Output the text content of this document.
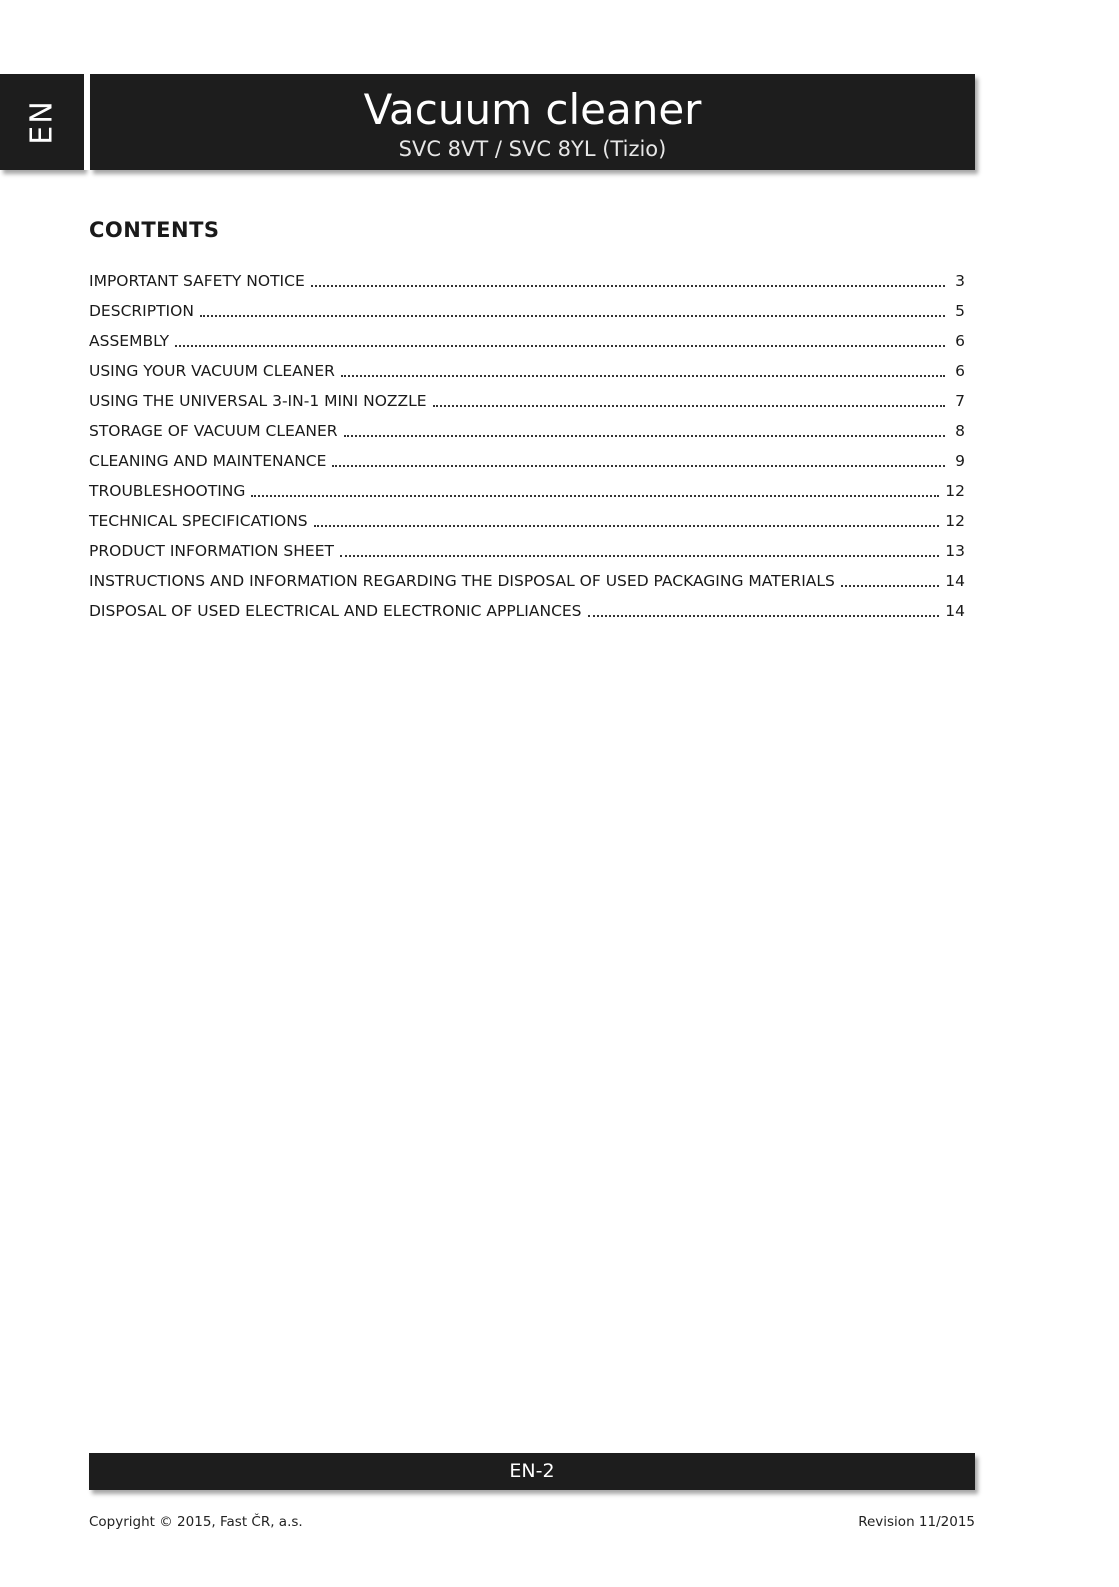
EN	Vacuum cleaner
SVC 8VT / SVC 8YL (Tizio)
CONTENTS
IMPORTANT SAFETY NOTICE	3
DESCRIPTION	5
ASSEMBLY	6
USING YOUR VACUUM CLEANER	6
USING THE UNIVERSAL 3-IN-1 MINI NOZZLE	7
STORAGE OF VACUUM CLEANER	8
CLEANING AND MAINTENANCE	9
TROUBLESHOOTING	12
TECHNICAL SPECIFICATIONS	12
PRODUCT INFORMATION SHEET	13
INSTRUCTIONS AND INFORMATION REGARDING THE DISPOSAL OF USED PACKAGING MATERIALS	14
DISPOSAL OF USED ELECTRICAL AND ELECTRONIC APPLIANCES	14
EN-2
Copyright © 2015, Fast ČR, a.s.	Revision 11/2015
